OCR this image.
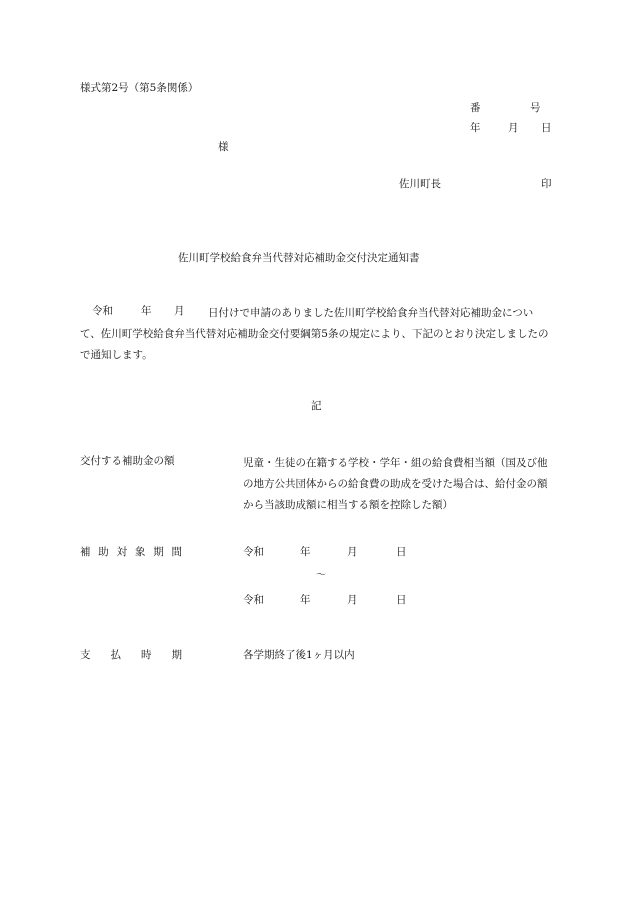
様式第2号（第5条関係）
番	号
年	月 日
様
佐川町長	印
佐川町学校給食弁当代替対応補助金交付決定通知書
令和	年 月	日付けで申請のありました佐川町学校給食弁当代替対応補助金について、佐川町学校給食弁当代替対応補助金交付要綱第5条の規定により、下記のとおり決定しましたので通知します。
記
交付する補助金の額	児童・生徒の在籍する学校・学年・組の給食費相当額（国及び他の地方公共団体からの給食費の助成を受けた場合は、給付金の額から当該助成額に相当する額を控除した額）
補 助 対 象 期 間	令和	年	月	日
～
令和	年	月	日
支 払 時 期	各学期終了後1ヶ月以内
